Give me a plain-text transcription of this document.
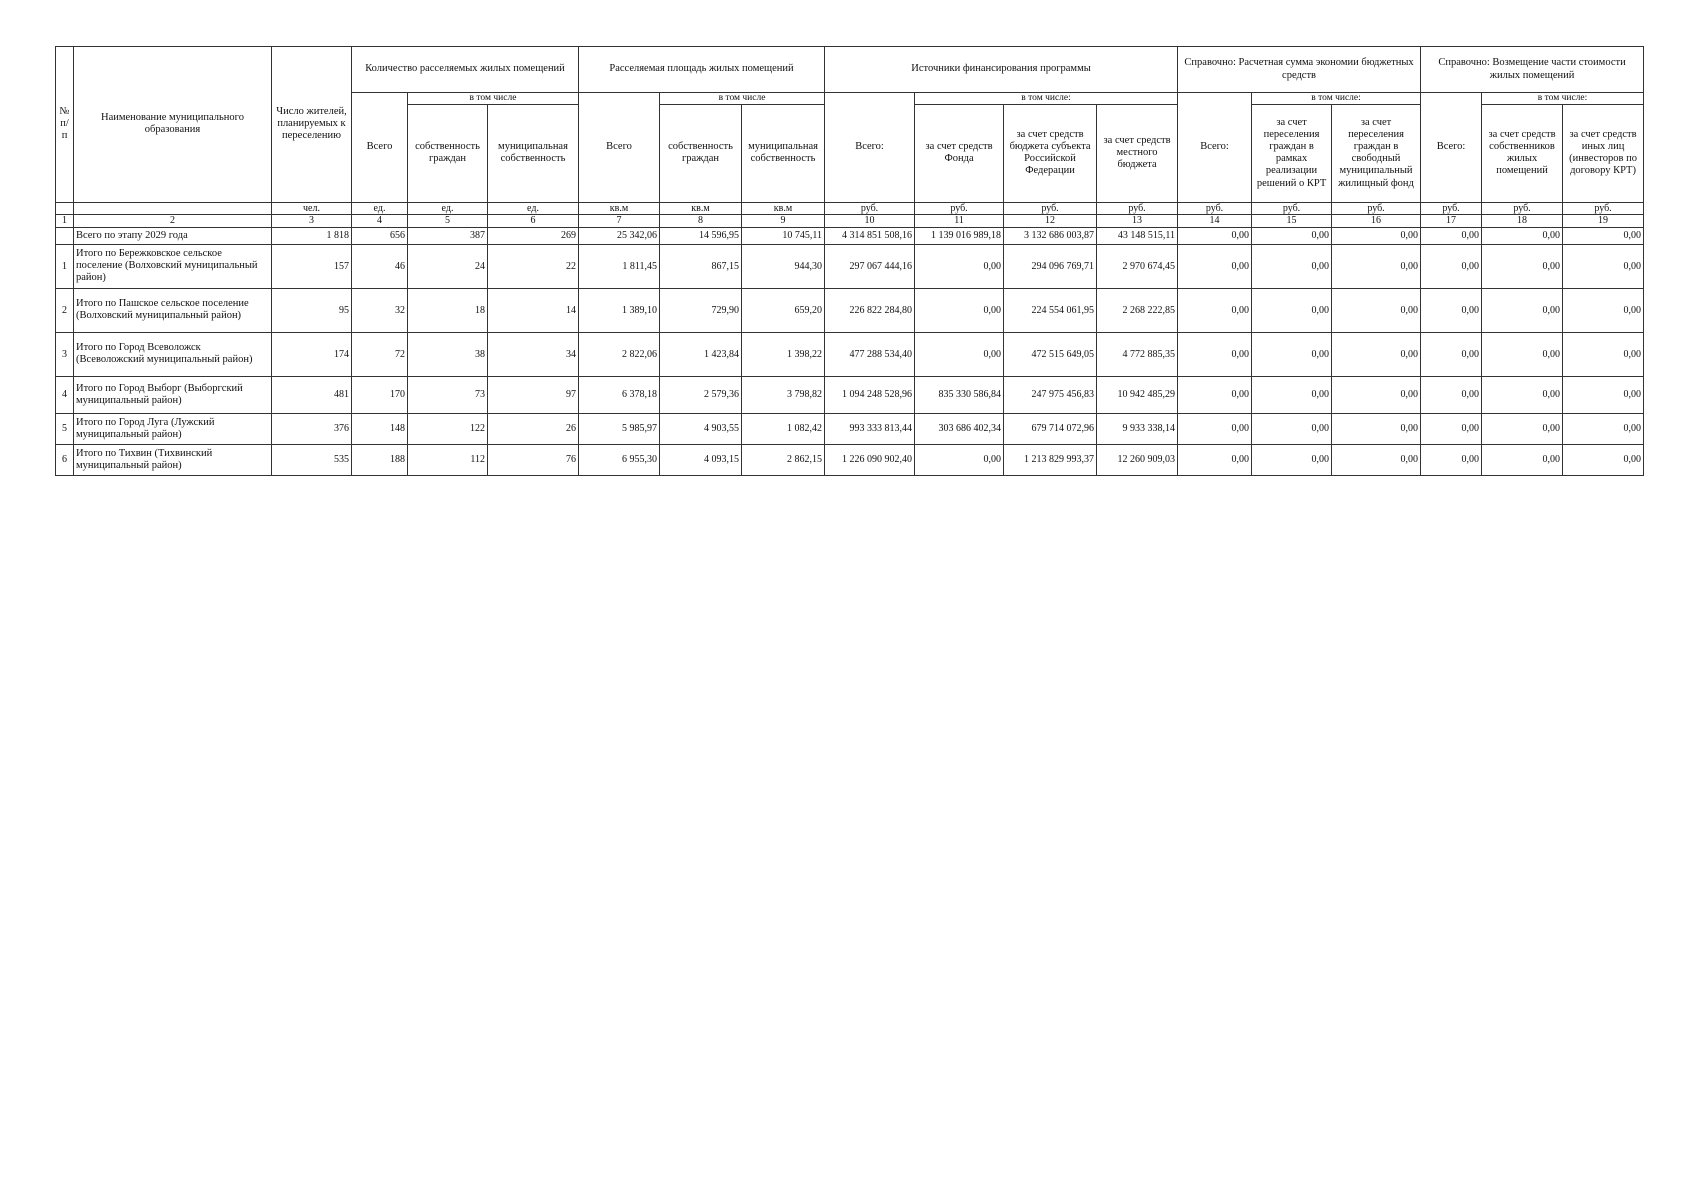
№ п/ п	Наименование муниципального образования	Число жителей, планируемых к переселению	Количество расселяемых жилых помещений			Расселяемая площадь жилых помещений			Источники финансирования программы				Справочно: Расчетная сумма экономии бюджетных средств			Справочно: Возмещение части стоимости жилых помещений		
			Всего	в том числе		Всего	в том числе		Всего:	в том числе:			Всего:	в том числе:		Всего:	в том числе:	
				собственность граждан	муниципальная собственность		собственность граждан	муниципальная собственность		за счет средств Фонда	за счет средств бюджета субъекта Российской Федерации	за счет средств местного бюджета		за счет переселения граждан в рамках реализации решений о КРТ	за счет переселения граждан в свободный муниципальный жилищный фонд		за счет средств собственников жилых помещений	за счет средств иных лиц (инвесторов по договору КРТ)
		чел.	ед.	ед.	ед.	кв.м	кв.м	кв.м	руб.	руб.	руб.	руб.	руб.	руб.	руб.	руб.	руб.	руб.
1	2	3	4	5	6	7	8	9	10	11	12	13	14	15	16	17	18	19
	Всего по этапу 2029 года	1 818	656	387	269	25 342,06	14 596,95	10 745,11	4 314 851 508,16	1 139 016 989,18	3 132 686 003,87	43 148 515,11	0,00	0,00	0,00	0,00	0,00	0,00
1	Итого по Бережковское сельское поселение (Волховский муниципальный район)	157	46	24	22	1 811,45	867,15	944,30	297 067 444,16	0,00	294 096 769,71	2 970 674,45	0,00	0,00	0,00	0,00	0,00	0,00
2	Итого по Пашское сельское поселение (Волховский муниципальный район)	95	32	18	14	1 389,10	729,90	659,20	226 822 284,80	0,00	224 554 061,95	2 268 222,85	0,00	0,00	0,00	0,00	0,00	0,00
3	Итого по Город Всеволожск (Всеволожский муниципальный район)	174	72	38	34	2 822,06	1 423,84	1 398,22	477 288 534,40	0,00	472 515 649,05	4 772 885,35	0,00	0,00	0,00	0,00	0,00	0,00
4	Итого по Город Выборг (Выборгский муниципальный район)	481	170	73	97	6 378,18	2 579,36	3 798,82	1 094 248 528,96	835 330 586,84	247 975 456,83	10 942 485,29	0,00	0,00	0,00	0,00	0,00	0,00
5	Итого по Город Луга (Лужский муниципальный район)	376	148	122	26	5 985,97	4 903,55	1 082,42	993 333 813,44	303 686 402,34	679 714 072,96	9 933 338,14	0,00	0,00	0,00	0,00	0,00	0,00
6	Итого по Тихвин (Тихвинский муниципальный район)	535	188	112	76	6 955,30	4 093,15	2 862,15	1 226 090 902,40	0,00	1 213 829 993,37	12 260 909,03	0,00	0,00	0,00	0,00	0,00	0,00
